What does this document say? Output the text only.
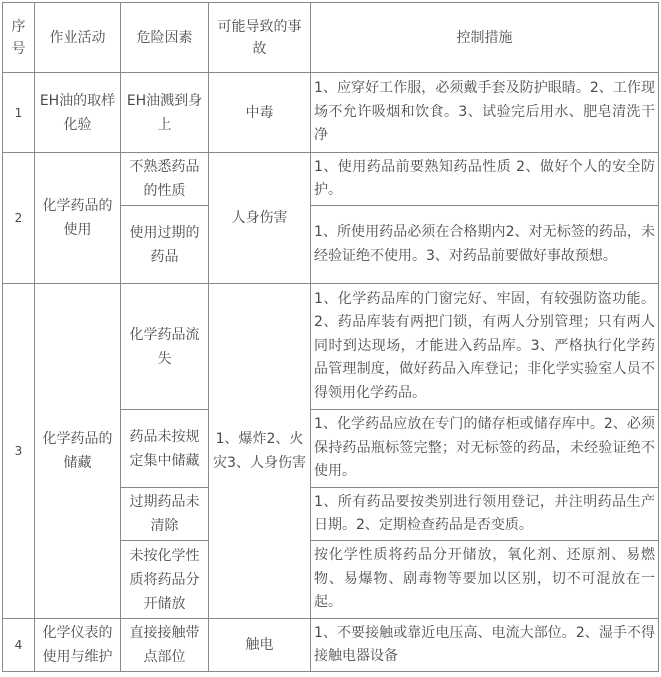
序号	作业活动	危险因素	可能导致的事故	控制措施
1	EH油的取样化验	EH油溅到身上	中毒	1、应穿好工作服，必须戴手套及防护眼睛。2、工作现场不允许吸烟和饮食。3、试验完后用水、肥皂清洗干净
2	化学药品的使用	不熟悉药品的性质	人身伤害	1、使用药品前要熟知药品性质 2、做好个人的安全防护。
		使用过期的药品		1、所使用药品必须在合格期内2、对无标签的药品，未经验证绝不使用。3、对药品前要做好事故预想。
3	化学药品的储藏	化学药品流失	1、爆炸2、火灾3、人身伤害	1、化学药品库的门窗完好、牢固，有较强防盗功能。2、药品库装有两把门锁，有两人分别管理；只有两人同时到达现场，才能进入药品库。3、严格执行化学药品管理制度，做好药品入库登记；非化学实验室人员不得领用化学药品。
		药品未按规定集中储藏		1、化学药品应放在专门的储存柜或储存库中。2、必须保持药品瓶标签完整；对无标签的药品，未经验证绝不使用。
		过期药品未清除		1、所有药品要按类别进行领用登记，并注明药品生产日期。2、定期检查药品是否变质。
		未按化学性质将药品分开储放		按化学性质将药品分开储放，氧化剂、还原剂、易燃物、易爆物、剧毒物等要加以区别，切不可混放在一起。
4	化学仪表的使用与维护	直接接触带点部位	触电	1、不要接触或靠近电压高、电流大部位。2、湿手不得接触电器设备
